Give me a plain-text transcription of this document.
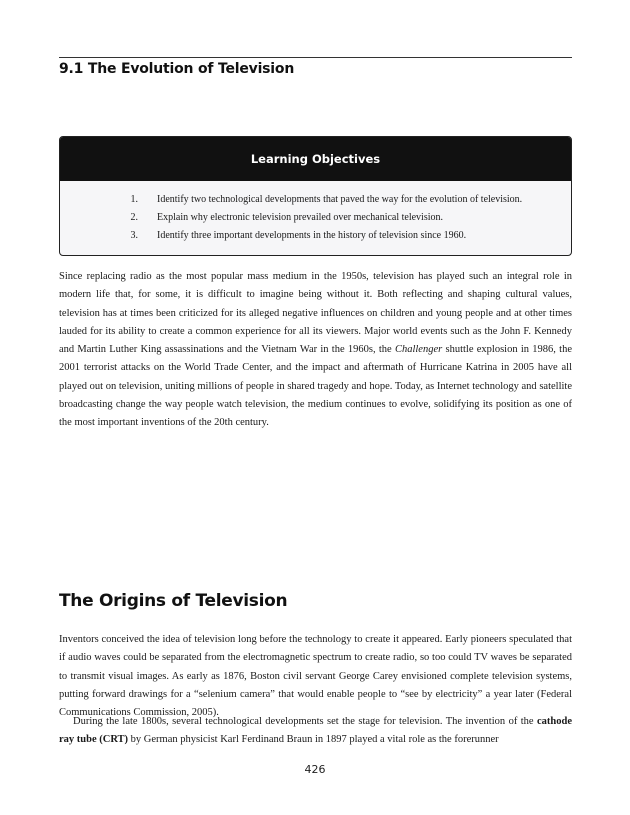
9.1 The Evolution of Television
Learning Objectives
1.	Identify two technological developments that paved the way for the evolution of television.
2.	Explain why electronic television prevailed over mechanical television.
3.	Identify three important developments in the history of television since 1960.

Since replacing radio as the most popular mass medium in the 1950s, television has played such an integral role in modern life that, for some, it is difficult to imagine being without it. Both reflecting and shaping cultural values, television has at times been criticized for its alleged negative influences on children and young people and at other times lauded for its ability to create a common experience for all its viewers. Major world events such as the John F. Kennedy and Martin Luther King assassinations and the Vietnam War in the 1960s, the Challenger shuttle explosion in 1986, the 2001 terrorist attacks on the World Trade Center, and the impact and aftermath of Hurricane Katrina in 2005 have all played out on television, uniting millions of people in shared tragedy and hope. Today, as Internet technology and satellite broadcasting change the way people watch television, the medium continues to evolve, solidifying its position as one of the most important inventions of the 20th century.

The Origins of Television

Inventors conceived the idea of television long before the technology to create it appeared. Early pioneers speculated that if audio waves could be separated from the electromagnetic spectrum to create radio, so too could TV waves be separated to transmit visual images. As early as 1876, Boston civil servant George Carey envisioned complete television systems, putting forward drawings for a “selenium camera” that would enable people to “see by electricity” a year later (Federal Communications Commission, 2005).

During the late 1800s, several technological developments set the stage for television. The invention of the cathode ray tube (CRT) by German physicist Karl Ferdinand Braun in 1897 played a vital role as the forerunner

426
